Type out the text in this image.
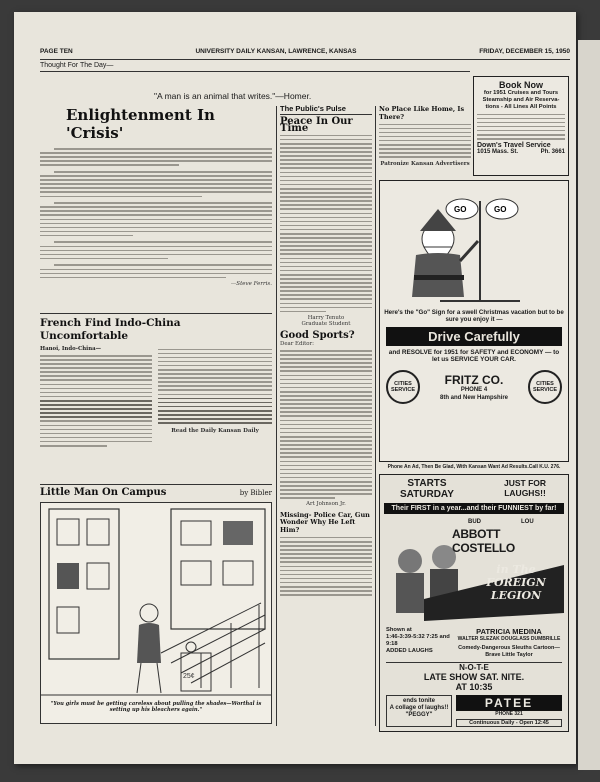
PAGE TEN	UNIVERSITY DAILY KANSAN, LAWRENCE, KANSAS	FRIDAY, DECEMBER 15, 1950
Thought For The Day—
"A man is an animal that writes."—Homer.
Enlightenment In 'Crisis'
—Steve Ferris.
French Find Indo-China Uncomfortable
Hanoi, Indo-China—
Read the Daily Kansan Daily
Little Man On Campus	by Bibler
25¢
"You girls must be getting careless about pulling the shades—Worthal is setting up his bleachers again."
The Public's Pulse
Peace In Our Time
Harry Tenuto
Graduate Student
Good Sports?
Dear Editor:
Art Johnson Jr.
Missing- Police Car, Gun Wonder Why He Left Him?
No Place Like Home, Is There?
Patronize Kansan Advertisers
Book Now
for 1951 Cruises and Tours
Steamship and Air Reserva-
tions - All Lines All Points
Down's Travel Service
1015 Mass. St.	Ph. 3661
GO	GO
Here's the "Go" Sign for a swell Christmas vacation but to be sure you enjoy it —
Drive Carefully
and RESOLVE for 1951 for SAFETY and ECONOMY — to let us SERVICE YOUR CAR.
CITIES SERVICE
FRITZ CO.
PHONE 4
8th and New Hampshire
CITIES SERVICE
Phone An Ad, Then Be Glad, With Kansan Want Ad Results.Call K.U. 276.
STARTS
SATURDAY
JUST FOR LAUGHS!!
Their FIRST in a year...and their FUNNIEST by far!
BUD	LOU
ABBOTT COSTELLO
in The FOREIGN LEGION
Shown at
1:46-3:39-5:32 7:25 and 9:18
ADDED LAUGHS
PATRICIA MEDINA
WALTER SLEZAK DOUGLASS DUMBRILLE
Comedy-Dangerous Sleuths Cartoon—Brave Little Taylor
N-O-T-E
LATE SHOW SAT. NITE.
AT 10:35
ends tonite
A collage of laughs!! "PEGGY"
PATEE
PHONE 321
Continuous Daily - Open 12:45
